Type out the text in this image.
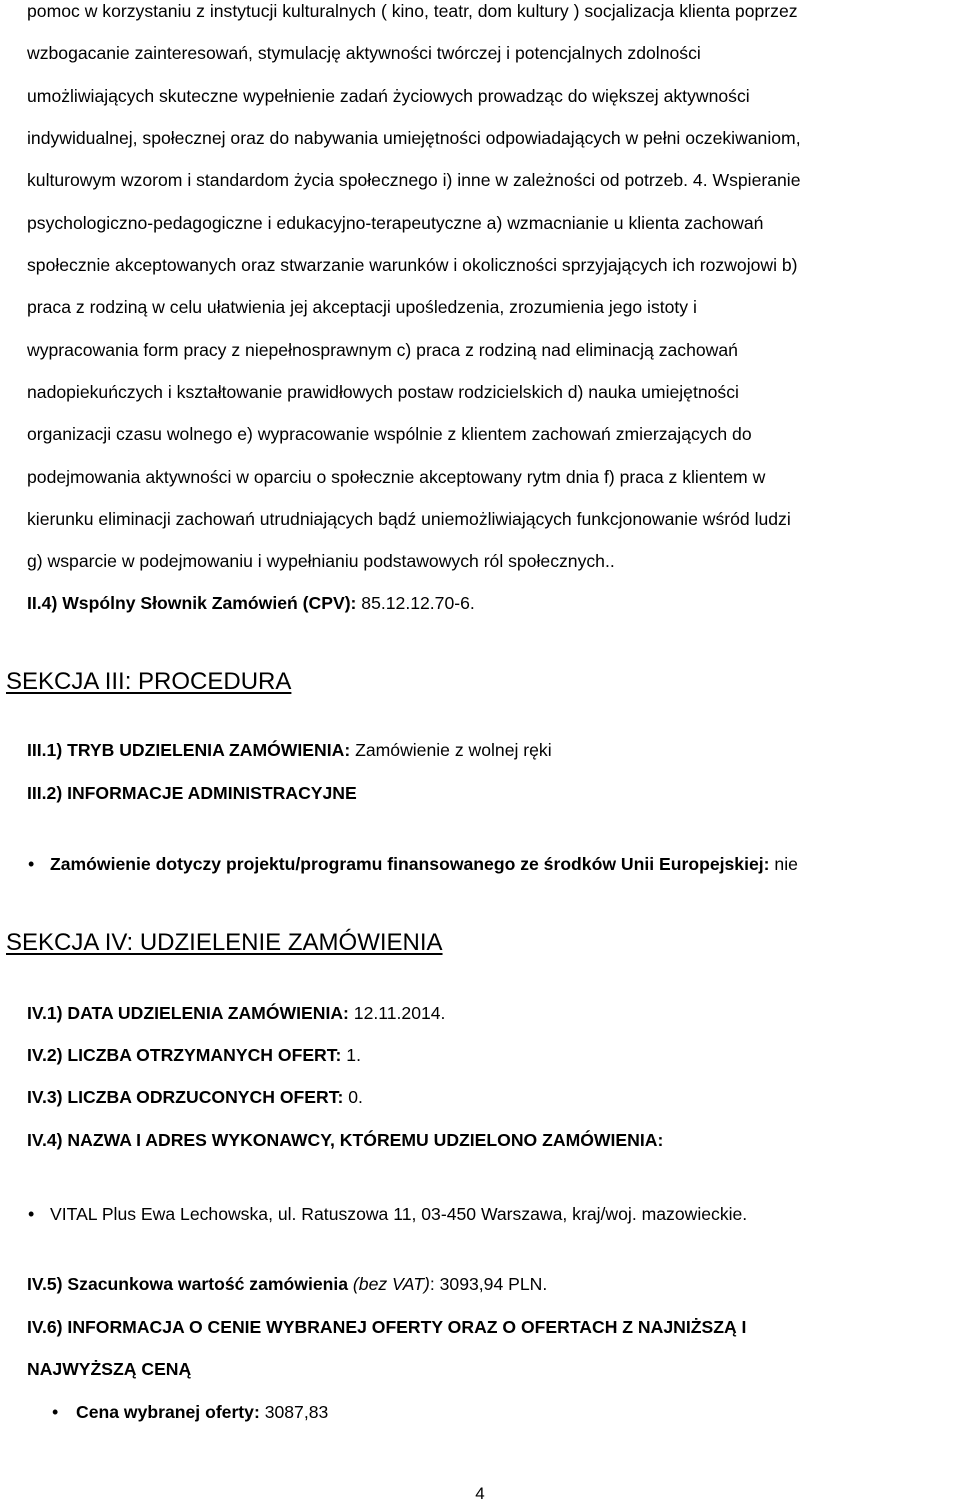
pomoc w korzystaniu z instytucji kulturalnych ( kino, teatr, dom kultury ) socjalizacja klienta poprzez
wzbogacanie zainteresowań, stymulację aktywności twórczej i potencjalnych zdolności
umożliwiających skuteczne wypełnienie zadań życiowych prowadząc do większej aktywności
indywidualnej, społecznej oraz do nabywania umiejętności odpowiadających w pełni oczekiwaniom,
kulturowym wzorom i standardom życia społecznego i) inne w zależności od potrzeb. 4. Wspieranie
psychologiczno-pedagogiczne i edukacyjno-terapeutyczne a) wzmacnianie u klienta zachowań
społecznie akceptowanych oraz stwarzanie warunków i okoliczności sprzyjających ich rozwojowi b)
praca z rodziną w celu ułatwienia jej akceptacji upośledzenia, zrozumienia jego istoty i
wypracowania form pracy z niepełnosprawnym c) praca z rodziną nad eliminacją zachowań
nadopiekuńczych i kształtowanie prawidłowych postaw rodzicielskich d) nauka umiejętności
organizacji czasu wolnego e) wypracowanie wspólnie z klientem zachowań zmierzających do
podejmowania aktywności w oparciu o społecznie akceptowany rytm dnia f) praca z klientem w
kierunku eliminacji zachowań utrudniających bądź uniemożliwiających funkcjonowanie wśród ludzi
g) wsparcie w podejmowaniu i wypełnianiu podstawowych ról społecznych..
II.4) Wspólny Słownik Zamówień (CPV): 85.12.12.70-6.
SEKCJA III: PROCEDURA
III.1) TRYB UDZIELENIA ZAMÓWIENIA: Zamówienie z wolnej ręki
III.2) INFORMACJE ADMINISTRACYJNE
• Zamówienie dotyczy projektu/programu finansowanego ze środków Unii Europejskiej: nie
SEKCJA IV: UDZIELENIE ZAMÓWIENIA
IV.1) DATA UDZIELENIA ZAMÓWIENIA: 12.11.2014.
IV.2) LICZBA OTRZYMANYCH OFERT: 1.
IV.3) LICZBA ODRZUCONYCH OFERT: 0.
IV.4) NAZWA I ADRES WYKONAWCY, KTÓREMU UDZIELONO ZAMÓWIENIA:
• VITAL Plus Ewa Lechowska, ul. Ratuszowa 11, 03-450 Warszawa, kraj/woj. mazowieckie.
IV.5) Szacunkowa wartość zamówienia (bez VAT): 3093,94 PLN.
IV.6) INFORMACJA O CENIE WYBRANEJ OFERTY ORAZ O OFERTACH Z NAJNIŻSZĄ I
NAJWYŻSZĄ CENĄ
• Cena wybranej oferty: 3087,83
4
